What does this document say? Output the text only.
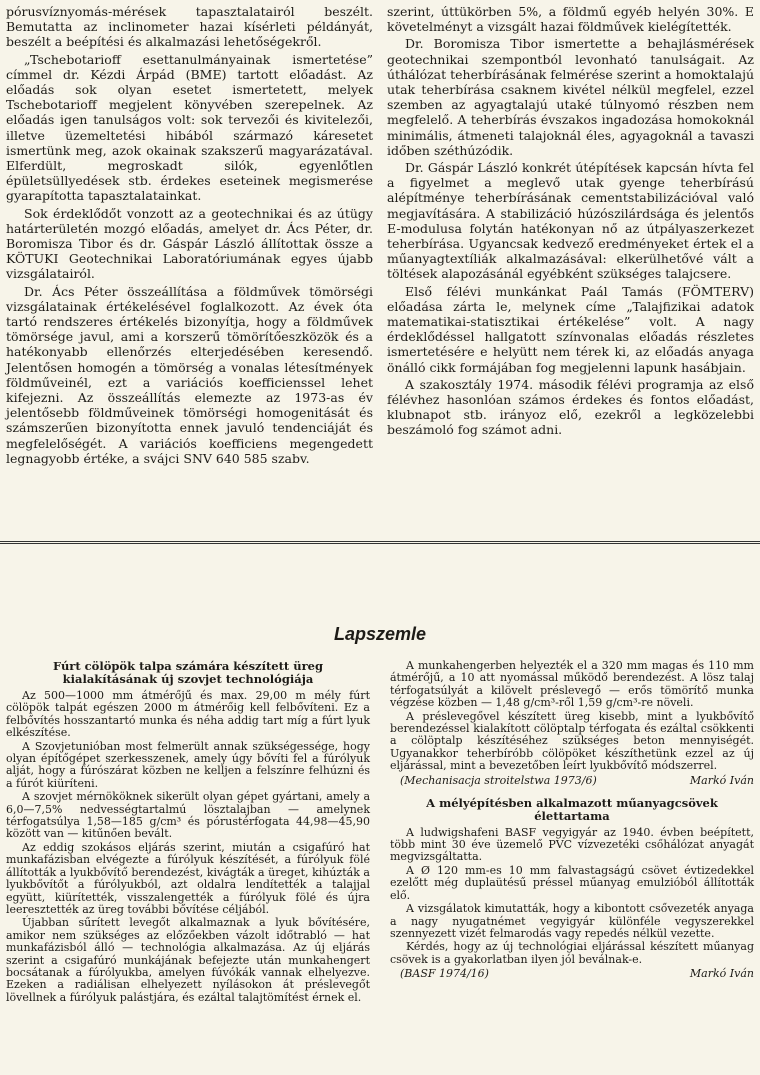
pórusvíznyomás-mérések tapasztalatairól beszélt. Bemutatta az inclinometer hazai kísérleti példányát, beszélt a beépítési és alkalmazási lehetőségekről.

„Tschebotarioff esettanulmányainak ismertetése” címmel dr. Kézdi Árpád (BME) tartott előadást. Az előadás sok olyan esetet ismertetett, melyek Tschebotarioff megjelent könyvében szerepelnek. Az előadás igen tanulságos volt: sok tervezői és kivitelezői, illetve üzemeltetési hibából származó káresetet ismertünk meg, azok okainak szakszerű magyarázatával. Elferdült, megroskadt silók, egyenlőtlen épületsüllyedések stb. érdekes eseteinek megismerése gyarapította tapasztalatainkat.

Sok érdeklődőt vonzott az a geotechnikai és az útügy határterületén mozgó előadás, amelyet dr. Ács Péter, dr. Boromisza Tibor és dr. Gáspár László állítottak össze a KÖTUKI Geotechnikai Laboratóriumának egyes újabb vizsgálatairól.

Dr. Ács Péter összeállítása a földművek tömörségi vizsgálatainak értékelésével foglalkozott. Az évek óta tartó rendszeres értékelés bizonyítja, hogy a földművek tömörsége javul, ami a korszerű tömörítőeszközök és a hatékonyabb ellenőrzés elterjedésében keresendő. Jelentősen homogén a tömörség a vonalas létesítmények földműveinél, ezt a variációs koefficienssel lehet kifejezni. Az összeállítás elemezte az 1973-as év jelentősebb földműveinek tömörségi homogenitását és számszerűen bizonyította ennek javuló tendenciáját és megfelelőségét. A variációs koefficiens megengedett legnagyobb értéke, a svájci SNV 640 585 szabv.

szerint, úttükörben 5%, a földmű egyéb helyén 30%. E követelményt a vizsgált hazai földművek kielégítették.

Dr. Boromisza Tibor ismertette a behajlásmérések geotechnikai szempontból levonható tanulságait. Az úthálózat teherbírásának felmérése szerint a homoktalajú utak teherbírása csaknem kivétel nélkül megfelel, ezzel szemben az agyagtalajú utaké túlnyomó részben nem megfelelő. A teherbírás évszakos ingadozása homokoknál minimális, átmeneti talajoknál éles, agyagoknál a tavaszi időben széthúzódik.

Dr. Gáspár László konkrét útépítések kapcsán hívta fel a figyelmet a meglevő utak gyenge teherbírású alépítménye teherbírásának cementstabilizációval való megjavítására. A stabilizáció húzószilárdsága és jelentős E-modulusa folytán hatékonyan nő az útpályaszerkezet teherbírása. Ugyancsak kedvező eredményeket értek el a műanyagtextíliák alkalmazásával: elkerülhetővé vált a töltések alapozásánál egyébként szükséges talajcsere.

Első félévi munkánkat Paál Tamás (FÖMTERV) előadása zárta le, melynek címe „Talajfizikai adatok matematikai-statisztikai értékelése” volt. A nagy érdeklődéssel hallgatott színvonalas előadás részletes ismertetésére e helyütt nem térek ki, az előadás anyaga önálló cikk formájában fog megjelenni lapunk hasábjain.

A szakosztály 1974. második félévi programja az első félévhez hasonlóan számos érdekes és fontos előadást, klubnapot stb. irányoz elő, ezekről a legközelebbi beszámoló fog számot adni.

Lapszemle
Fúrt cölöpök talpa számára készített üreg kialakításának új szovjet technológiája

Az 500—1000 mm átmérőjű és max. 29,00 m mély fúrt cölöpök talpát egészen 2000 m átmérőig kell felbővíteni. Ez a felbővítés hosszantartó munka és néha addig tart míg a fúrt lyuk elkészítése.

A Szovjetunióban most felmerült annak szükségessége, hogy olyan építőgépet szerkesszenek, amely úgy bővíti fel a fúrólyuk alját, hogy a fúrószárat közben ne kelljen a felszínre felhúzni és a fúrót kiüríteni.

A szovjet mérnököknek sikerült olyan gépet gyártani, amely a 6,0—7,5% nedvességtartalmú lösztalajban — amelynek térfogatsúlya 1,58—185 g/cm³ és pórustérfogata 44,98—45,90 között van — kitűnően bevált.

Az eddig szokásos eljárás szerint, miután a csigafúró hat munkafázisban elvégezte a fúrólyuk készítését, a fúrólyuk fölé állították a lyukbővítő berendezést, kivágták a üreget, kihúzták a lyukbővítőt a fúrólyukból, azt oldalra lendítették a talajjal együtt, kiürítették, visszalengették a fúrólyuk fölé és újra leeresztették az üreg további bővítése céljából.

Újabban sűrített levegőt alkalmaznak a lyuk bővítésére, amikor nem szükséges az előzőekben vázolt időtrabló — hat munkafázisból álló — technológia alkalmazása. Az új eljárás szerint a csigafúró munkájának befejezte után munkahengert bocsátanak a fúrólyukba, amelyen fúvókák vannak elhelyezve. Ezeken a radiálisan elhelyezett nyílásokon át préslevegőt lövellnek a fúrólyuk palástjára, és ezáltal talajtömítést érnek el.

A munkahengerben helyezték el a 320 mm magas és 110 mm átmérőjű, a 10 att nyomással működő berendezést. A lösz talaj térfogatsúlyát a kilövelt préslevegő — erős tömörítő munka végzése közben — 1,48 g/cm³-ről 1,59 g/cm³-re növeli.

A préslevegővel készített üreg kisebb, mint a lyukbővítő berendezéssel kialakított cölöptalp térfogata és ezáltal csökkenti a cölöptalp készítéséhez szükséges beton mennyiségét. Ugyanakkor teherbíróbb cölöpöket készíthetünk ezzel az új eljárással, mint a bevezetőben leírt lyukbővítő módszerrel.

(Mechanisacja stroitelstwa 1973/6)	Markó Iván
A mélyépítésben alkalmazott műanyagcsövek élettartama

A ludwigshafeni BASF vegyigyár az 1940. évben beépített, több mint 30 éve üzemelő PVC vízvezetéki csőhálózat anyagát megvizsgáltatta.

A Ø 120 mm-es 10 mm falvastagságú csövet évtizedekkel ezelőtt még duplaütésű préssel műanyag emulzióból állították elő.

A vizsgálatok kimutatták, hogy a kibontott csővezeték anyaga a nagy nyugatnémet vegyigyár különféle vegyszerekkel szennyezett vizét felmarodás vagy repedés nélkül vezette.

Kérdés, hogy az új technológiai eljárással készített műanyag csövek is a gyakorlatban ilyen jól beválnak-e.

(BASF 1974/16)	Markó Iván
